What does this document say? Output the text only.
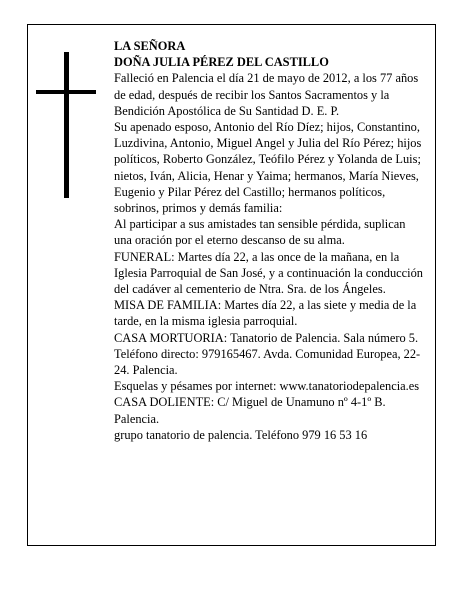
LA SEÑORA

DOÑA JULIA PÉREZ DEL CASTILLO

Falleció en Palencia el día 21 de mayo de 2012, a los 77 años de edad, después de recibir los Santos Sacramentos y la Bendición Apostólica de Su Santidad D. E. P.

Su apenado esposo, Antonio del Río Díez; hijos, Constantino, Luzdivina, Antonio, Miguel Angel y Julia del Río Pérez; hijos políticos, Roberto González, Teófilo Pérez y Yolanda de Luis; nietos, Iván, Alicia, Henar y Yaima; hermanos, María Nieves, Eugenio y Pilar Pérez del Castillo; hermanos políticos, sobrinos, primos y demás familia:

Al participar a sus amistades tan sensible pérdida, suplican una oración por el eterno descanso de su alma.

FUNERAL: Martes día 22, a las once de la mañana, en la Iglesia Parroquial de San José, y a continuación la conducción del cadáver al cementerio de Ntra. Sra. de los Ángeles.

MISA DE FAMILIA: Martes día 22, a las siete y media de la tarde, en la misma iglesia parroquial.

CASA MORTUORIA: Tanatorio de Palencia. Sala número 5. Teléfono directo: 979165467. Avda. Comunidad Europea, 22-24. Palencia.

Esquelas y pésames por internet: www.tanatoriodepalencia.es

CASA DOLIENTE: C/ Miguel de Unamuno nº 4-1º B. Palencia.

grupo tanatorio de palencia. Teléfono 979 16 53 16
